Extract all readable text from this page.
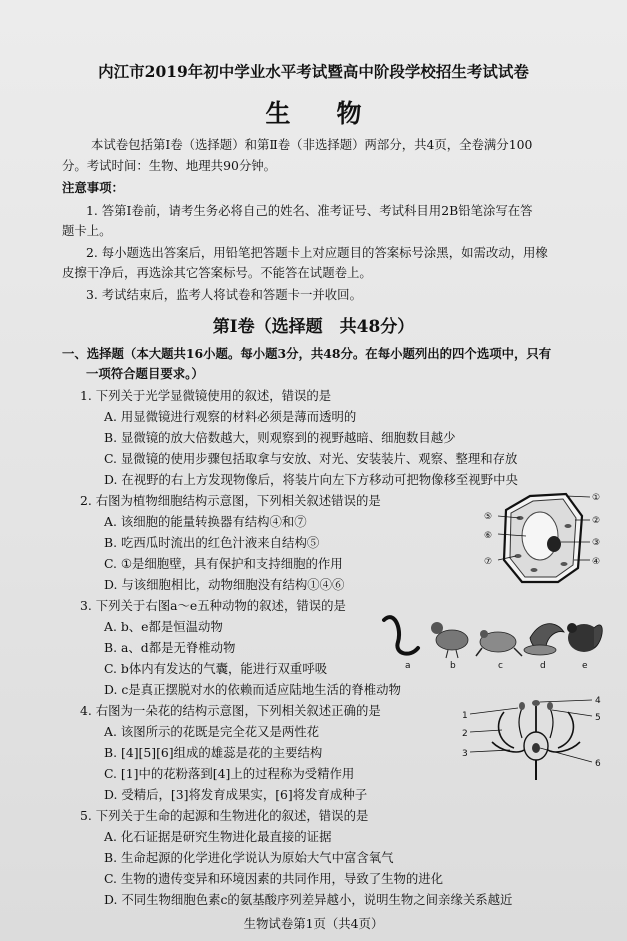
内江市2019年初中学业水平考试暨高中阶段学校招生考试试卷
生物
本试卷包括第Ⅰ卷（选择题）和第Ⅱ卷（非选择题）两部分，共4页，全卷满分100
分。考试时间：生物、地理共90分钟。
注意事项：
1. 答第Ⅰ卷前，请考生务必将自己的姓名、准考证号、考试科目用2B铅笔涂写在答
题卡上。
2. 每小题选出答案后，用铅笔把答题卡上对应题目的答案标号涂黑，如需改动，用橡
皮擦干净后，再选涂其它答案标号。不能答在试题卷上。
3. 考试结束后，监考人将试卷和答题卡一并收回。
第Ⅰ卷（选择题　共48分）
一、选择题（本大题共16小题。每小题3分，共48分。在每小题列出的四个选项中，只有
一项符合题目要求。）
1. 下列关于光学显微镜使用的叙述，错误的是
A. 用显微镜进行观察的材料必须是薄而透明的
B. 显微镜的放大倍数越大，则观察到的视野越暗、细胞数目越少
C. 显微镜的使用步骤包括取拿与安放、对光、安装装片、观察、整理和存放
D. 在视野的右上方发现物像后，将装片向左下方移动可把物像移至视野中央
2. 右图为植物细胞结构示意图，下列相关叙述错误的是
A. 该细胞的能量转换器有结构④和⑦
B. 吃西瓜时流出的红色汁液来自结构⑤
C. ①是细胞壁，具有保护和支持细胞的作用
D. 与该细胞相比，动物细胞没有结构①④⑥
①
②
③
④
⑤
⑥
⑦
3. 下列关于右图a～e五种动物的叙述，错误的是
A. b、e都是恒温动物
B. a、d都是无脊椎动物
C. b体内有发达的气囊，能进行双重呼吸
D. c是真正摆脱对水的依赖而适应陆地生活的脊椎动物
a	b	c	d	e
4. 右图为一朵花的结构示意图，下列相关叙述正确的是
A. 该图所示的花既是完全花又是两性花
B. [4][5][6]组成的雄蕊是花的主要结构
C. [1]中的花粉落到[4]上的过程称为受精作用
D. 受精后，[3]将发育成果实，[6]将发育成种子
1
2
3
4
5
6
5. 下列关于生命的起源和生物进化的叙述，错误的是
A. 化石证据是研究生物进化最直接的证据
B. 生命起源的化学进化学说认为原始大气中富含氧气
C. 生物的遗传变异和环境因素的共同作用，导致了生物的进化
D. 不同生物细胞色素c的氨基酸序列差异越小，说明生物之间亲缘关系越近
生物试卷第1页（共4页）
